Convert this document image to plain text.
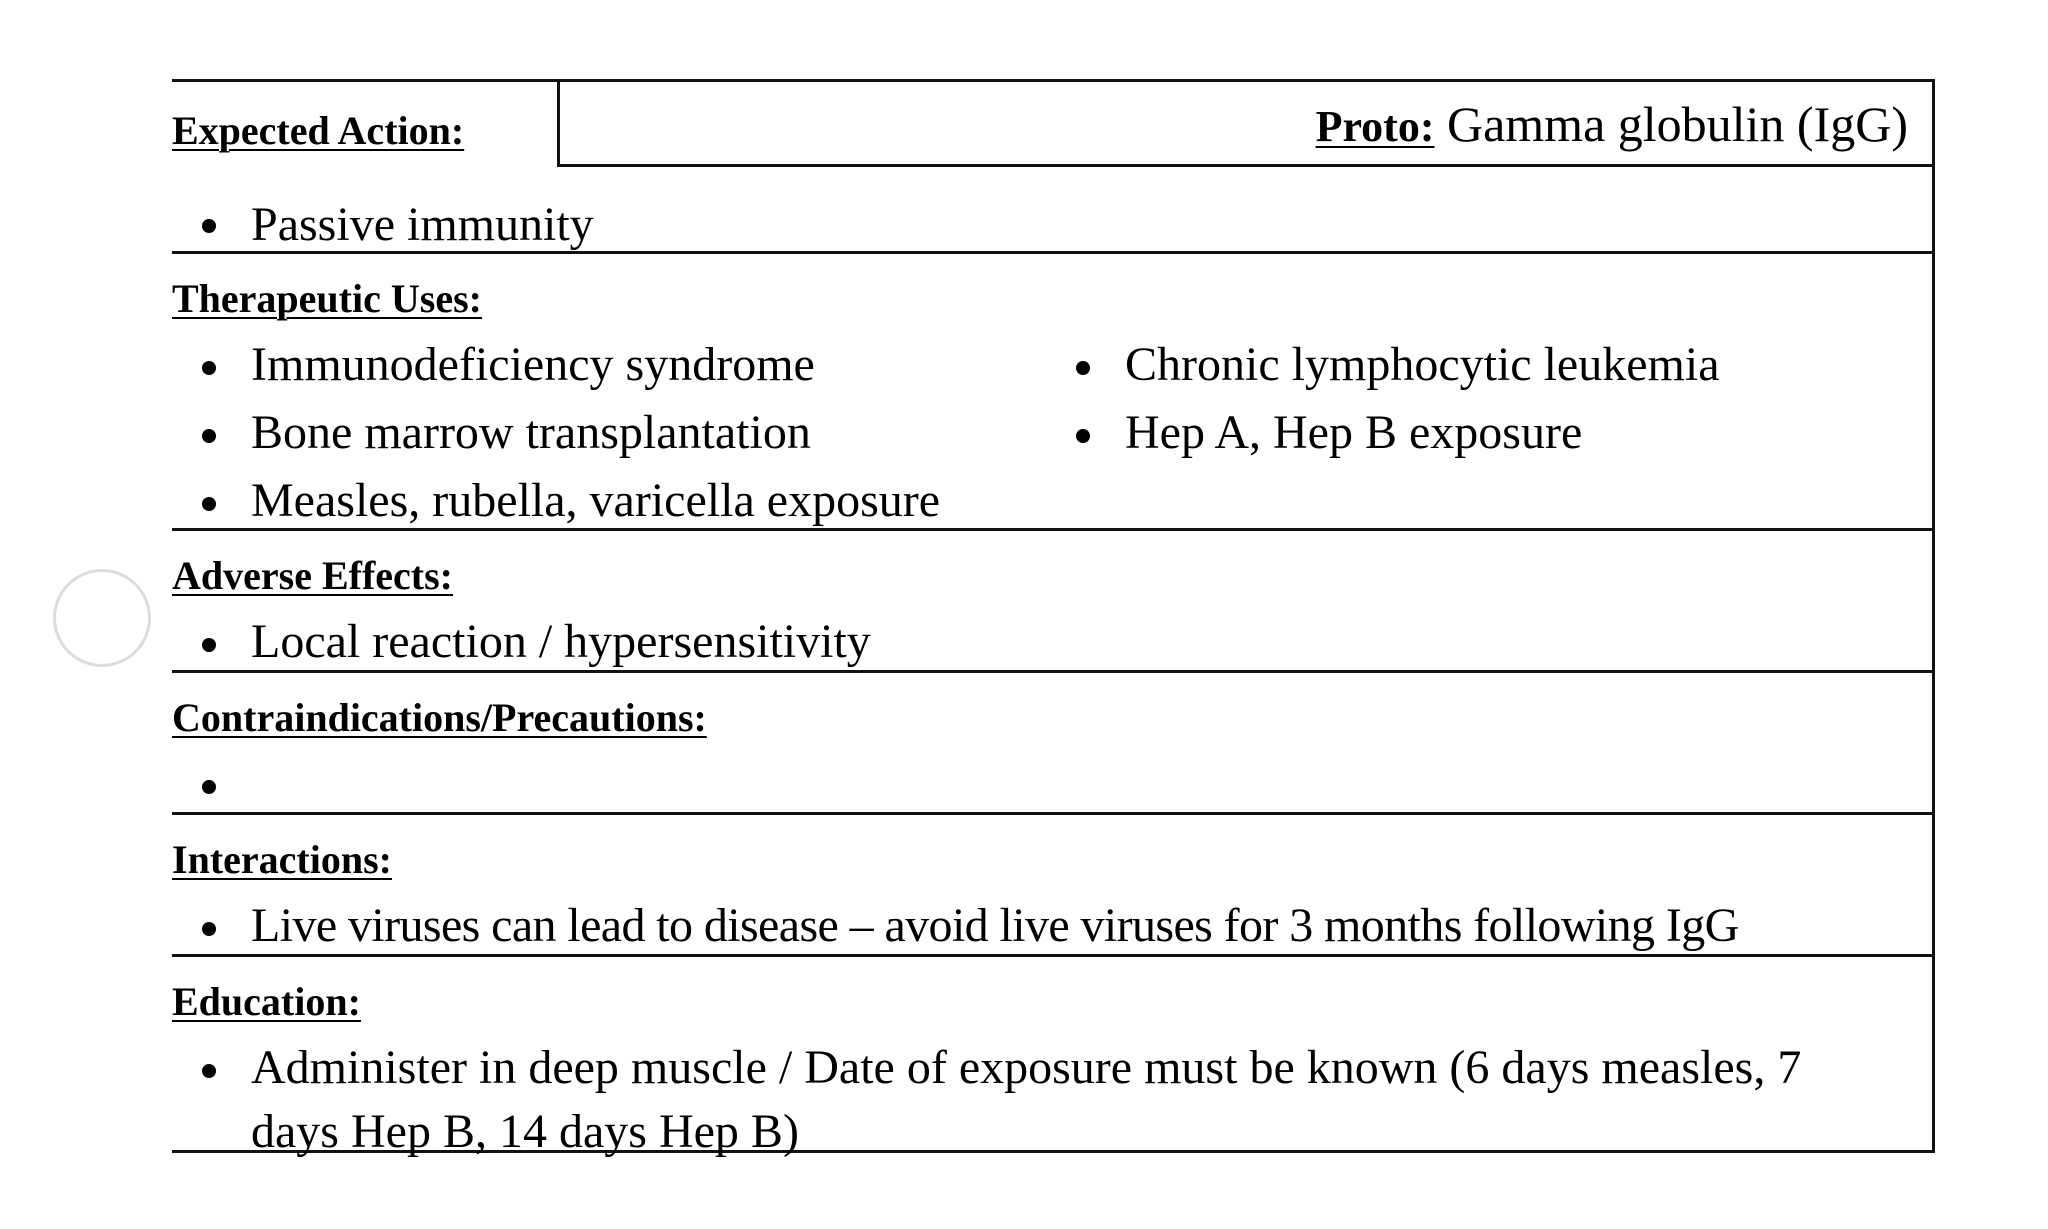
Expected Action:	Proto: Gamma globulin (IgG)
Passive immunity
Therapeutic Uses:
Immunodeficiency syndrome
Bone marrow transplantation
Measles, rubella, varicella exposure
Chronic lymphocytic leukemia
Hep A, Hep B exposure
Adverse Effects:
Local reaction / hypersensitivity
Contraindications/Precautions:
Interactions:
Live viruses can lead to disease – avoid live viruses for 3 months following IgG
Education:
Administer in deep muscle / Date of exposure must be known (6 days measles, 7 days Hep B, 14 days Hep B)
